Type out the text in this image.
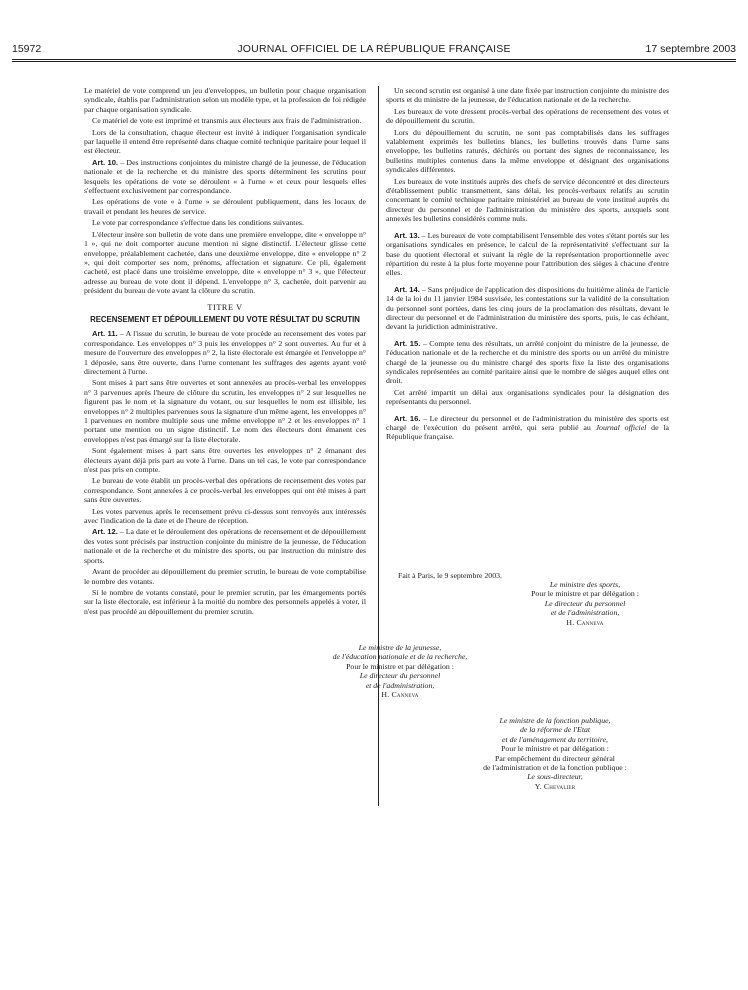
15972	JOURNAL OFFICIEL DE LA RÉPUBLIQUE FRANÇAISE	17 septembre 2003

Le matériel de vote comprend un jeu d'enveloppes, un bulletin pour chaque organisation syndicale, établis par l'administration selon un modèle type, et la profession de foi rédigée par chaque organisation syndicale.

Ce matériel de vote est imprimé et transmis aux électeurs aux frais de l'administration.

Lors de la consultation, chaque électeur est invité à indiquer l'organisation syndicale par laquelle il entend être représenté dans chaque comité technique paritaire pour lequel il est électeur.

Art. 10. – Des instructions conjointes du ministre chargé de la jeunesse, de l'éducation nationale et de la recherche et du ministre des sports déterminent les scrutins pour lesquels les opérations de vote se déroulent « à l'urne » et ceux pour lesquels elles s'effectuent exclusivement par correspondance.

Les opérations de vote « à l'urne » se déroulent publiquement, dans les locaux de travail et pendant les heures de service.

Le vote par correspondance s'effectue dans les conditions suivantes.

L'électeur insère son bulletin de vote dans une première enveloppe, dite « enveloppe n° 1 », qui ne doit comporter aucune mention ni signe distinctif. L'électeur glisse cette enveloppe, préalablement cachetée, dans une deuxième enveloppe, dite « enveloppe n° 2 », qui doit comporter ses nom, prénoms, affectation et signature. Ce pli, également cacheté, est placé dans une troisième enveloppe, dite « enveloppe n° 3 », que l'électeur adresse au bureau de vote dont il dépend. L'enveloppe n° 3, cachetée, doit parvenir au président du bureau de vote avant la clôture du scrutin.

TITRE V
RECENSEMENT ET DÉPOUILLEMENT DU VOTE RÉSULTAT DU SCRUTIN

Art. 11. – A l'issue du scrutin, le bureau de vote procède au recensement des votes par correspondance. Les enveloppes n° 3 puis les enveloppes n° 2 sont ouvertes. Au fur et à mesure de l'ouverture des enveloppes n° 2, la liste électorale est émargée et l'enveloppe n° 1 déposée, sans être ouverte, dans l'urne contenant les suffrages des agents ayant voté directement à l'urne.

Sont mises à part sans être ouvertes et sont annexées au procès-verbal les enveloppes n° 3 parvenues après l'heure de clôture du scrutin, les enveloppes n° 2 sur lesquelles ne figurent pas le nom et la signature du votant, ou sur lesquelles le nom est illisible, les enveloppes n° 2 multiples parvenues sous la signature d'un même agent, les enveloppes n° 1 parvenues en nombre multiple sous une même enveloppe n° 2 et les enveloppes n° 1 portant une mention ou un signe distinctif. Le nom des électeurs dont émanent ces enveloppes n'est pas émargé sur la liste électorale.

Sont également mises à part sans être ouvertes les enveloppes n° 2 émanant des électeurs ayant déjà pris part au vote à l'urne. Dans un tel cas, le vote par correspondance n'est pas pris en compte.

Le bureau de vote établit un procès-verbal des opérations de recensement des votes par correspondance. Sont annexées à ce procès-verbal les enveloppes qui ont été mises à part sans être ouvertes.

Les votes parvenus après le recensement prévu ci-dessus sont renvoyés aux intéressés avec l'indication de la date et de l'heure de réception.

Art. 12. – La date et le déroulement des opérations de recensement et de dépouillement des votes sont précisés par instruction conjointe du ministre de la jeunesse, de l'éducation nationale et de la recherche et du ministre des sports, ou par instruction du ministre des sports.

Avant de procéder au dépouillement du premier scrutin, le bureau de vote comptabilise le nombre des votants.

Si le nombre de votants constaté, pour le premier scrutin, par les émargements portés sur la liste électorale, est inférieur à la moitié du nombre des personnels appelés à voter, il n'est pas procédé au dépouillement du premier scrutin.

Un second scrutin est organisé à une date fixée par instruction conjointe du ministre des sports et du ministre de la jeunesse, de l'éducation nationale et de la recherche.

Les bureaux de vote dressent procès-verbal des opérations de recensement des votes et de dépouillement du scrutin.

Lors du dépouillement du scrutin, ne sont pas comptabilisés dans les suffrages valablement exprimés les bulletins blancs, les bulletins trouvés dans l'urne sans enveloppe, les bulletins raturés, déchirés ou portant des signes de reconnaissance, les bulletins multiples contenus dans la même enveloppe et désignant des organisations syndicales différentes.

Les bureaux de vote institués auprès des chefs de service déconcentré et des directeurs d'établissement public transmettent, sans délai, les procès-verbaux relatifs au scrutin concernant le comité technique paritaire ministériel au bureau de vote institué auprès du directeur du personnel et de l'administration du ministère des sports, auxquels sont annexés les bulletins considérés comme nuls.

Art. 13. – Les bureaux de vote comptabilisent l'ensemble des votes s'étant portés sur les organisations syndicales en présence, le calcul de la représentativité s'effectuant sur la base du quotient électoral et suivant la règle de la représentation proportionnelle avec répartition du reste à la plus forte moyenne pour l'attribution des sièges à chacune d'entre elles.

Art. 14. – Sans préjudice de l'application des dispositions du huitième alinéa de l'article 14 de la loi du 11 janvier 1984 susvisée, les contestations sur la validité de la consultation du personnel sont portées, dans les cinq jours de la proclamation des résultats, devant le directeur du personnel et de l'administration du ministère des sports, puis, le cas échéant, devant la juridiction administrative.

Art. 15. – Compte tenu des résultats, un arrêté conjoint du ministre de la jeunesse, de l'éducation nationale et de la recherche et du ministre des sports ou un arrêté du ministre chargé de la jeunesse ou du ministre chargé des sports fixe la liste des organisations syndicales représentées au comité paritaire ainsi que le nombre de sièges auquel elles ont droit.

Cet arrêté impartit un délai aux organisations syndicales pour la désignation des représentants du personnel.

Art. 16. – Le directeur du personnel et de l'administration du ministère des sports est chargé de l'exécution du présent arrêté, qui sera publié au Journal officiel de la République française.

Fait à Paris, le 9 septembre 2003.
Le ministre des sports,
Pour le ministre et par délégation :
Le directeur du personnel
et de l'administration,
H. Canneva
Le ministre de la jeunesse,
de l'éducation nationale et de la recherche,
Pour le ministre et par délégation :
Le directeur du personnel
et de l'administration,
H. Canneva
Le ministre de la fonction publique,
de la réforme de l'Etat
et de l'aménagement du territoire,
Pour le ministre et par délégation :
Par empêchement du directeur général
de l'administration et de la fonction publique :
Le sous-directeur,
Y. Chevalier
